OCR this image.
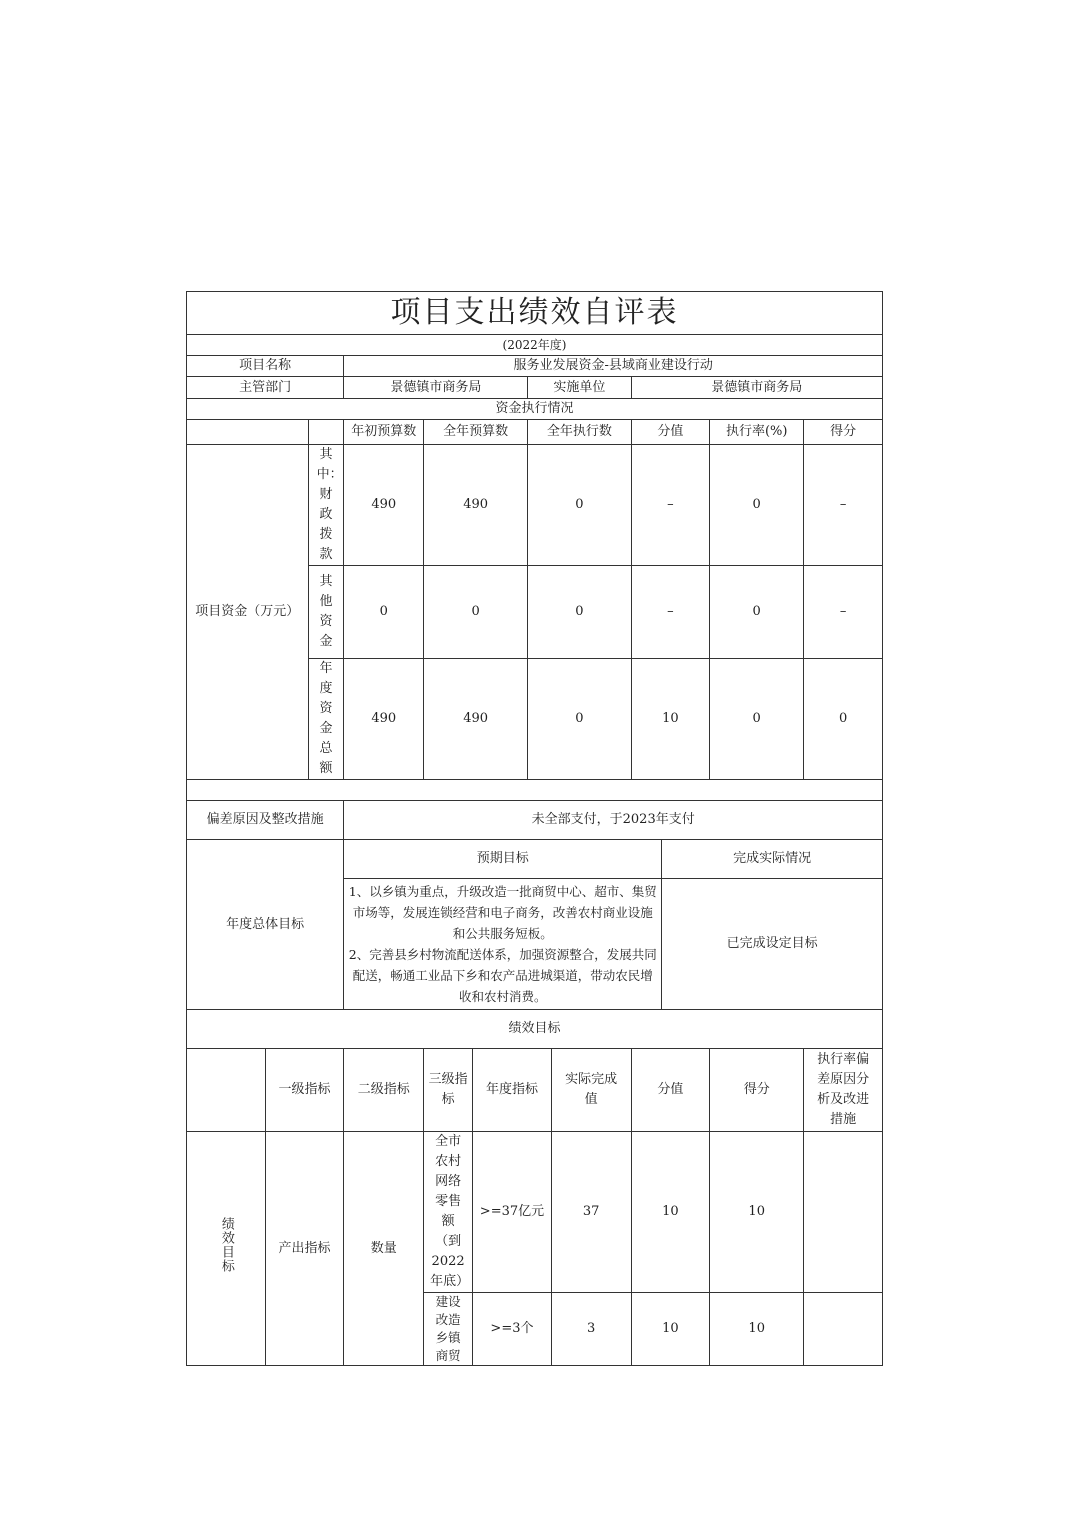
项目支出绩效自评表											
(2022年度)											
项目名称			服务业发展资金-县域商业建设行动								
主管部门			景德镇市商务局			实施单位		景德镇市商务局			
资金执行情况											
			年初预算数	全年预算数		全年执行数		分值		执行率(%)	得分
项目资金（万元）		其中：财政拨款	490	490		0		–		0	–
		其他资金	0	0		0		–		0	–
		年度资金总额	490	490		0		10		0	0

偏差原因及整改措施			未全部支付，于2023年支付								
年度总体目标			预期目标						完成实际情况		

			1、以乡镇为重点，升级改造一批商贸中心、超市、集贸市场等，发展连锁经营和电子商务，改善农村商业设施和公共服务短板。
2、完善县乡村物流配送体系，加强资源整合，发展共同配送，畅通工业品下乡和农产品进城渠道，带动农民增收和农村消费。						已完成设定目标		
绩效目标											
	一级指标		二级指标	三级指标	年度指标		实际完成值	分值		得分	执行率偏差原因分析及改进措施
绩效目标	产出指标		数量	全市农村网络零售额（到2022年底）	>=37亿元		37	10		10	
				建设改造乡镇商贸	>=3个		3	10		10	
